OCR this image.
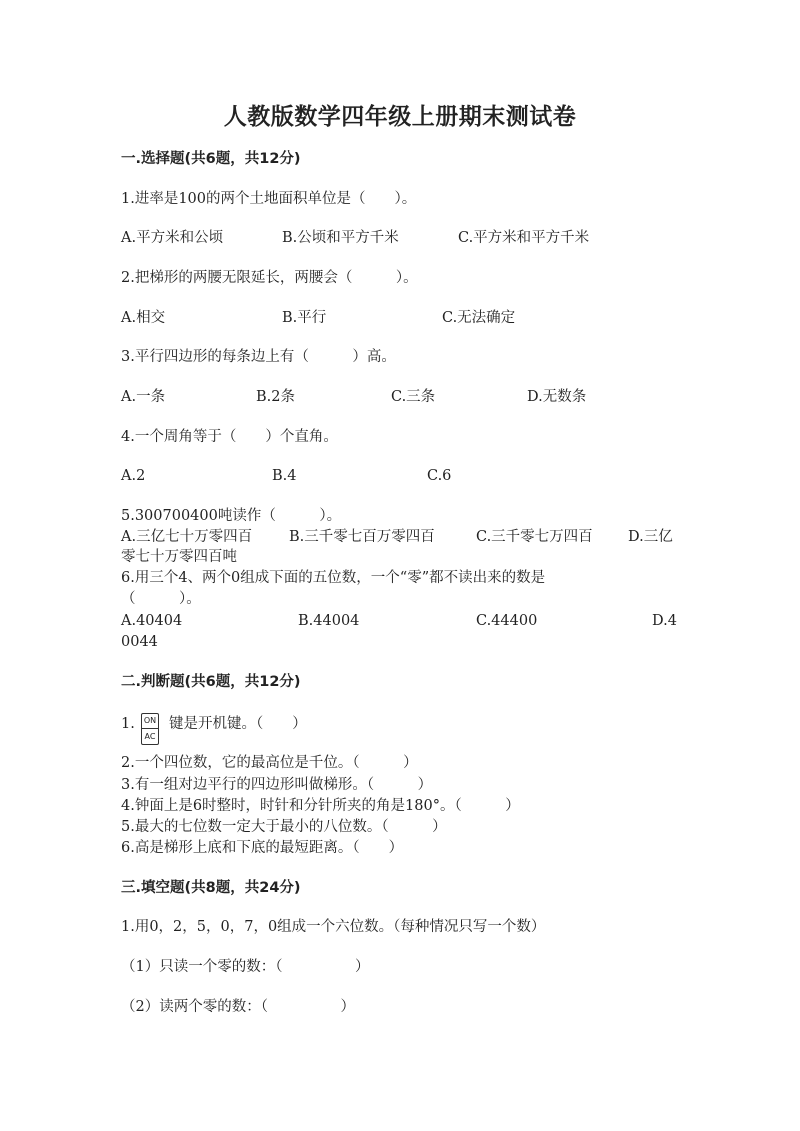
人教版数学四年级上册期末测试卷
一.选择题(共6题，共12分)
1.进率是100的两个土地面积单位是（　　）。
A.平方米和公顷	B.公顷和平方千米	C.平方米和平方千米
2.把梯形的两腰无限延长，两腰会（　　　）。
A.相交	B.平行	C.无法确定
3.平行四边形的每条边上有（　　　）高。
A.一条	B.2条	C.三条	D.无数条
4.一个周角等于（　　）个直角。
A.2	B.4	C.6
5.300700400吨读作（　　　）。
A.三亿七十万零四百	B.三千零七百万零四百	C.三千零七万四百 D.三亿
零七十万零四百吨
6.用三个4、两个0组成下面的五位数，一个“零”都不读出来的数是
（　　　）。
A.40404	B.44004	C.44400	D.4
0044
二.判断题(共6题，共12分)
1. ON
AC
键是开机键。（　　）
2.一个四位数，它的最高位是千位。（　　　）
3.有一组对边平行的四边形叫做梯形。（　　　）
4.钟面上是6时整时，时针和分针所夹的角是180°。（　　　）
5.最大的七位数一定大于最小的八位数。（　　　）
6.高是梯形上底和下底的最短距离。（　　）
三.填空题(共8题，共24分)
1.用0，2，5，0，7，0组成一个六位数。（每种情况只写一个数）
（1）只读一个零的数：（　　　　　）
（2）读两个零的数：（　　　　　）
